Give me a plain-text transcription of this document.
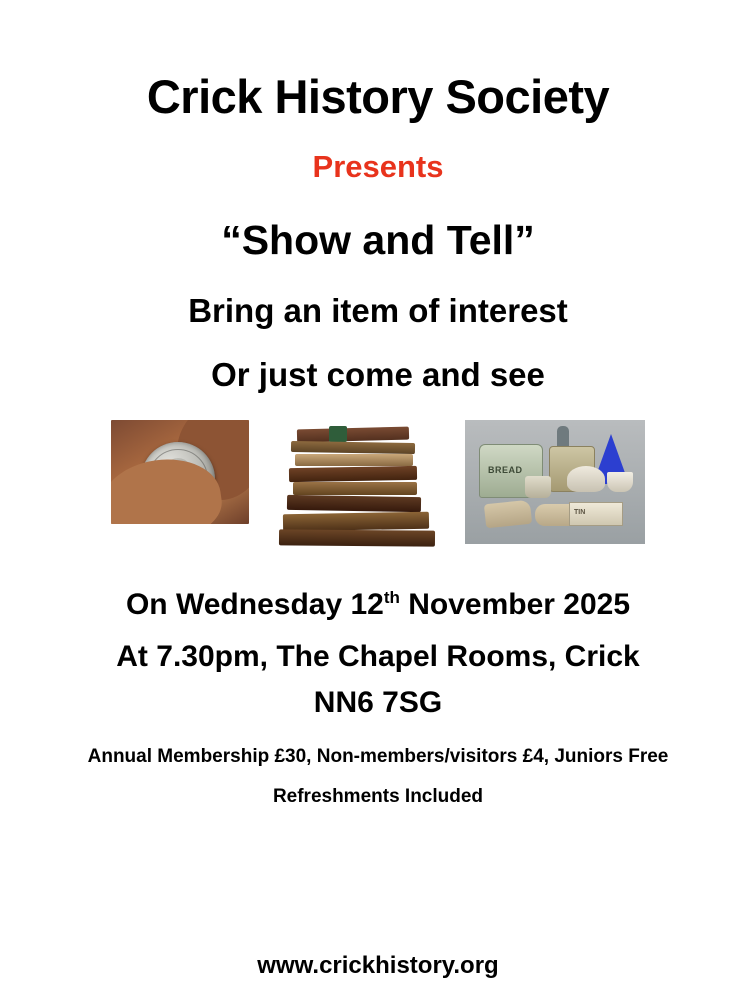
Crick History Society
Presents
“Show and Tell”
Bring an item of interest
Or just come and see
BREAD
TIN
On Wednesday 12th November 2025
At 7.30pm, The Chapel Rooms, Crick
NN6 7SG
Annual Membership £30, Non-members/visitors £4, Juniors Free
Refreshments Included
www.crickhistory.org
